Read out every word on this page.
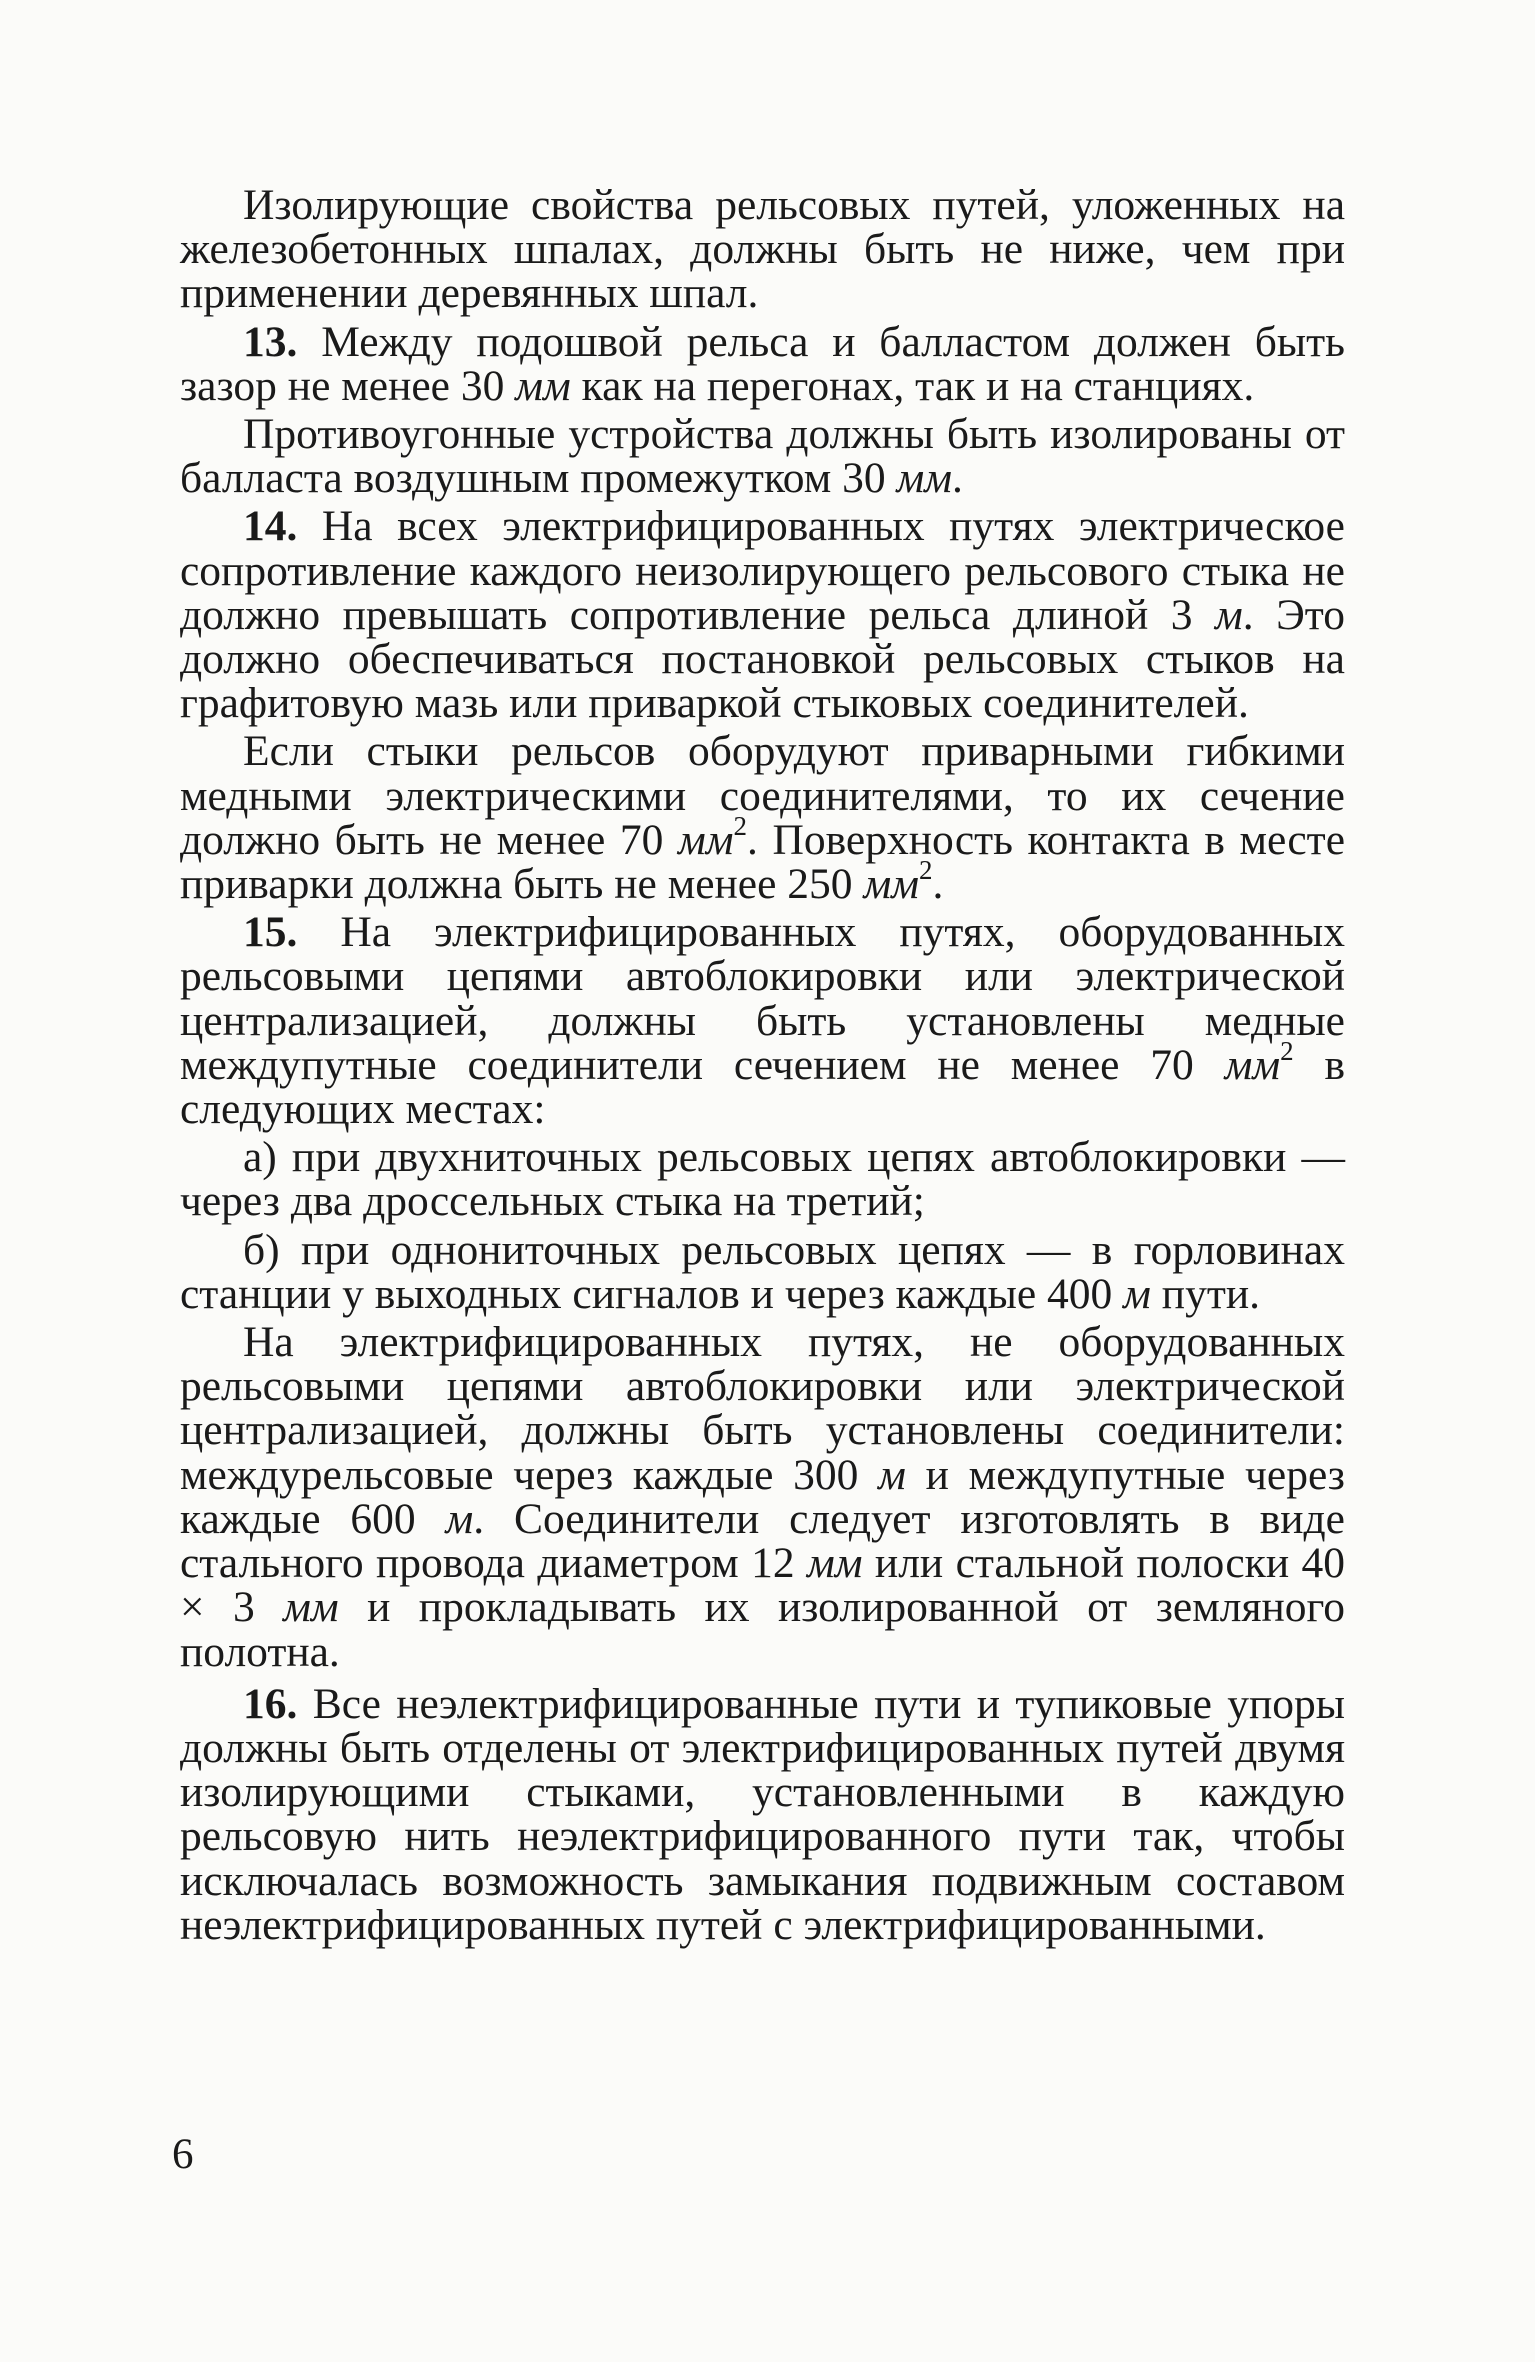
Изолирующие свойства рельсовых путей, уложенных на железобетонных шпалах, должны быть не ниже, чем при применении деревянных шпал.

13. Между подошвой рельса и балластом должен быть зазор не менее 30 мм как на перегонах, так и на станциях.

Противоугонные устройства должны быть изолированы от балласта воздушным промежутком 30 мм.

14. На всех электрифицированных путях электрическое сопротивление каждого неизолирующего рельсового стыка не должно превышать сопротивление рельса длиной 3 м. Это должно обеспечиваться постановкой рельсовых стыков на графитовую мазь или приваркой стыковых соединителей.

Если стыки рельсов оборудуют приварными гибкими медными электрическими соединителями, то их сечение должно быть не менее 70 $мм^2$. Поверхность контакта в месте приварки должна быть не менее 250 $мм^2$.

15. На электрифицированных путях, оборудованных рельсовыми цепями автоблокировки или электрической централизацией, должны быть установлены медные междупутные соединители сечением не менее 70 $мм^2$ в следующих местах:

а) при двухниточных рельсовых цепях автоблокировки — через два дроссельных стыка на третий;

б) при однониточных рельсовых цепях — в горловинах станции у выходных сигналов и через каждые 400 м пути.

На электрифицированных путях, не оборудованных рельсовыми цепями автоблокировки или электрической централизацией, должны быть установлены соединители: междурельсовые через каждые 300 м и междупутные через каждые 600 м. Соединители следует изготовлять в виде стального провода диаметром 12 мм или стальной полоски 40 × 3 мм и прокладывать их изолированной от земляного полотна.

16. Все неэлектрифицированные пути и тупиковые упоры должны быть отделены от электрифицированных путей двумя изолирующими стыками, установленными в каждую рельсовую нить неэлектрифицированного пути так, чтобы исключалась возможность замыкания подвижным составом неэлектрифицированных путей с электрифицированными.

6
